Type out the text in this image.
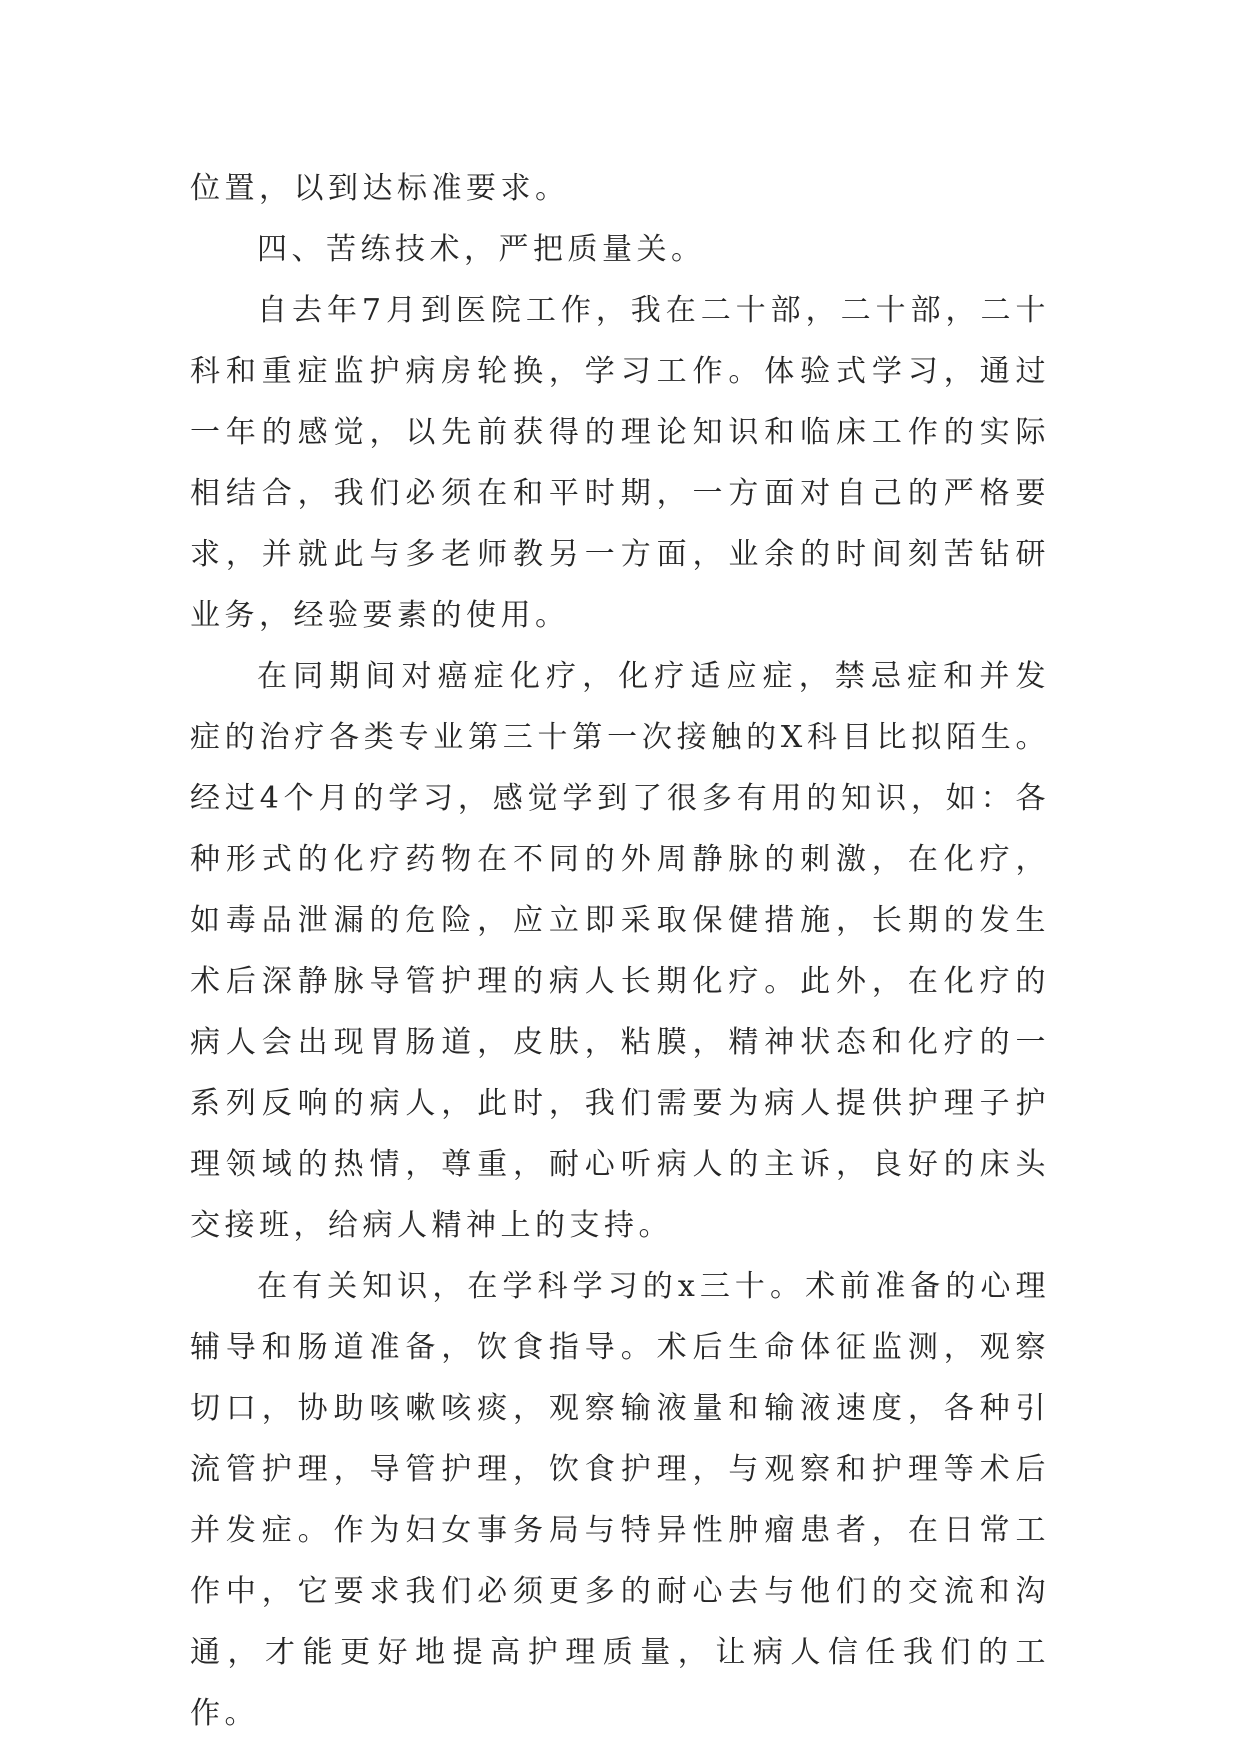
位置，以到达标准要求。

四、苦练技术，严把质量关。

自去年7月到医院工作，我在二十部，二十部，二十科和重症监护病房轮换，学习工作。体验式学习，通过一年的感觉，以先前获得的理论知识和临床工作的实际相结合，我们必须在和平时期，一方面对自己的严格要求，并就此与多老师教另一方面，业余的时间刻苦钻研业务，经验要素的使用。

在同期间对癌症化疗，化疗适应症，禁忌症和并发症的治疗各类专业第三十第一次接触的X科目比拟陌生。经过4个月的学习，感觉学到了很多有用的知识，如：各种形式的化疗药物在不同的外周静脉的刺激，在化疗，如毒品泄漏的危险，应立即采取保健措施，长期的发生术后深静脉导管护理的病人长期化疗。此外，在化疗的病人会出现胃肠道，皮肤，粘膜，精神状态和化疗的一系列反响的病人，此时，我们需要为病人提供护理子护理领域的热情，尊重，耐心听病人的主诉，良好的床头交接班，给病人精神上的支持。

在有关知识，在学科学习的x三十。术前准备的心理辅导和肠道准备，饮食指导。术后生命体征监测，观察切口，协助咳嗽咳痰，观察输液量和输液速度，各种引流管护理，导管护理，饮食护理，与观察和护理等术后并发症。作为妇女事务局与特异性肿瘤患者，在日常工作中，它要求我们必须更多的耐心去与他们的交流和沟通，才能更好地提高护理质量，让病人信任我们的工作。
